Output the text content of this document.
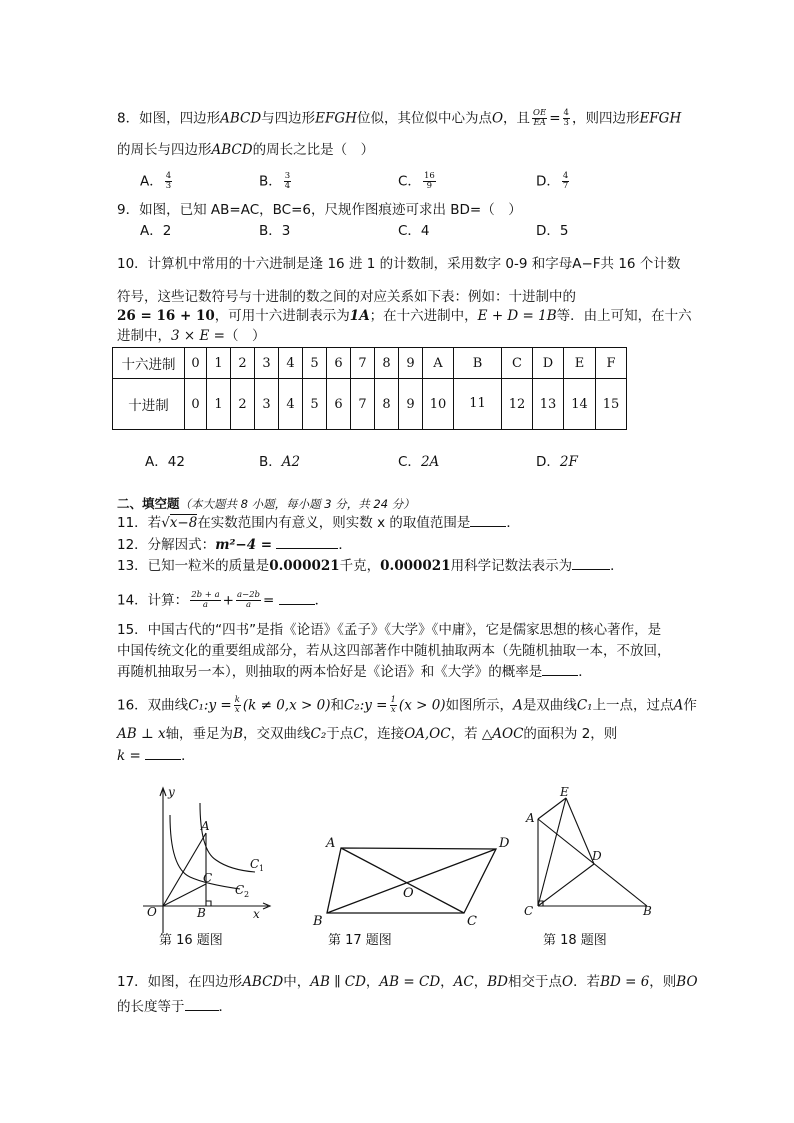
8．如图，四边形ABCD与四边形EFGH位似，其位似中心为点O，且 $\frac{OE}{EA} = \frac{4}{3}$ ，则四边形EFGH
的周长与四边形ABCD的周长之比是（　）
A． $\frac{4}{3}$	B． $\frac{3}{4}$	C． $\frac{16}{9}$	D． $\frac{4}{7}$
9．如图，已知 AB=AC，BC=6，尺规作图痕迹可求出 BD=（　）
A．2	B．3	C．4	D．5
10．计算机中常用的十六进制是逢 16 进 1 的计数制，采用数字 0-9 和字母A−F共 16 个计数
符号，这些记数符号与十进制的数之间的对应关系如下表：例如：十进制中的
26 = 16 + 10，可用十六进制表示为1A；在十六进制中，E + D = 1B等．由上可知，在十六
进制中，3 × E =（　）
十六进制	0	1	2	3	4	5	6	7	8	9	A	B	C	D	E	F
十进制	0	1	2	3	4	5	6	7	8	9	10	11	12	13	14	15
A．42	B．A2	C．2A	D．2F
二、填空题（本大题共 8 小题，每小题 3 分，共 24 分）
11．若√x−8在实数范围内有意义，则实数 x 的取值范围是	．
12．分解因式：m²−4 =	．
13．已知一粒米的质量是0.000021千克，0.000021用科学记数法表示为	．
14．计算： $\frac{2b + a}{a} + \frac{a-2b}{a}$ =	．
15．中国古代的“四书”是指《论语》《孟子》《大学》《中庸》，它是儒家思想的核心著作，是
中国传统文化的重要组成部分，若从这四部著作中随机抽取两本（先随机抽取一本，不放回，
再随机抽取另一本），则抽取的两本恰好是《论语》和《大学》的概率是	．
16．双曲线C₁:y = $\frac{k}{x} (k \ne 0,x > 0)$和C₂:y = $\frac{1}{x} (x > 0)$如图所示，A是双曲线C₁上一点，过点A作
AB ⊥ x轴，垂足为B，交双曲线C₂于点C，连接OA,OC，若 △AOC的面积为 2，则
k =	．
y
x
O
A
B
C
C 1
C 2
A	D
B	C
O
E
A
D
C	B
第 16 题图	第 17 题图	第 18 题图
17．如图，在四边形ABCD中，AB ∥ CD，AB = CD，AC，BD相交于点O．若BD = 6，则BO
的长度等于	．
